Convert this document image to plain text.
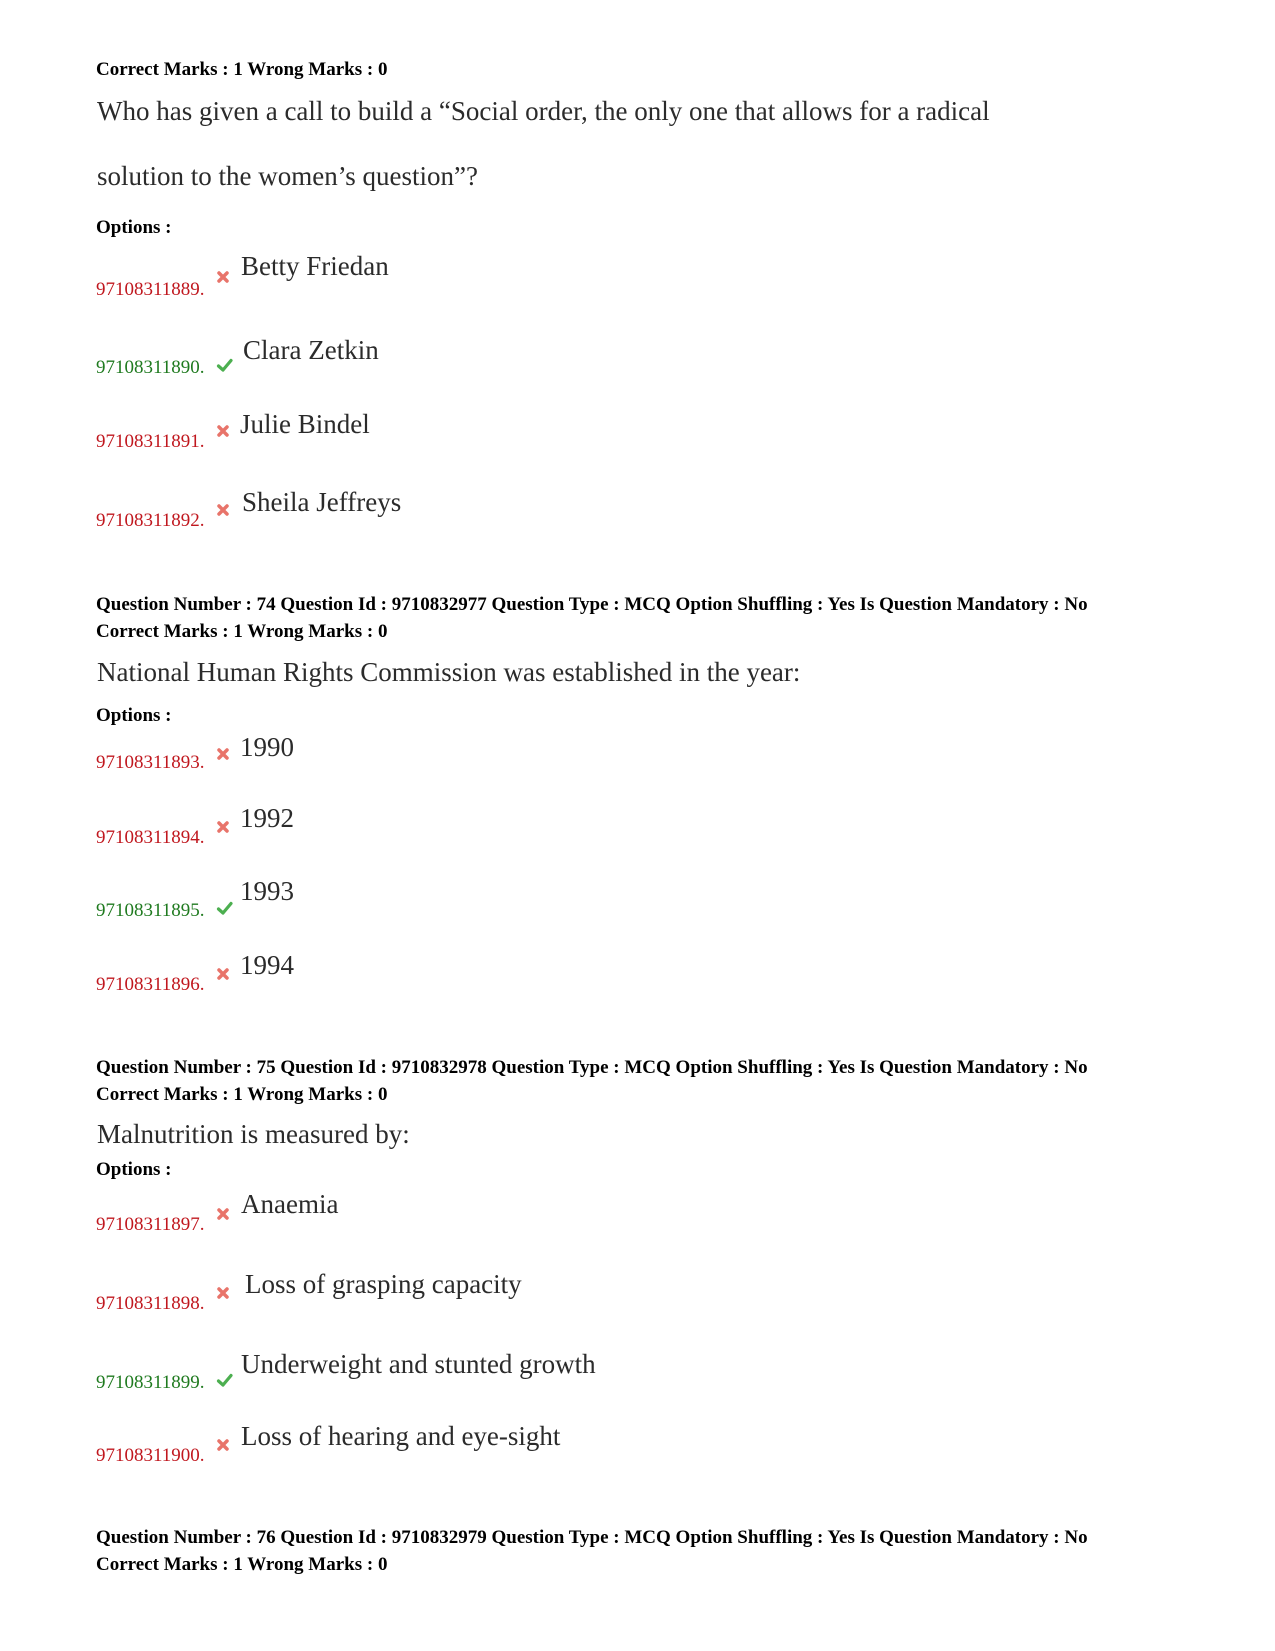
Correct Marks : 1 Wrong Marks : 0
Who has given a call to build a “Social order, the only one that allows for a radical
solution to the women’s question”?
Options :
97108311889.
Betty Friedan
97108311890.
Clara Zetkin
97108311891.
Julie Bindel
97108311892.
Sheila Jeffreys
Question Number : 74 Question Id : 9710832977 Question Type : MCQ Option Shuffling : Yes Is Question Mandatory : No
Correct Marks : 1 Wrong Marks : 0
National Human Rights Commission was established in the year:
Options :
97108311893.
1990
97108311894.
1992
97108311895.
1993
97108311896.
1994
Question Number : 75 Question Id : 9710832978 Question Type : MCQ Option Shuffling : Yes Is Question Mandatory : No
Correct Marks : 1 Wrong Marks : 0
Malnutrition is measured by:
Options :
97108311897.
Anaemia
97108311898.
Loss of grasping capacity
97108311899.
Underweight and stunted growth
97108311900.
Loss of hearing and eye-sight
Question Number : 76 Question Id : 9710832979 Question Type : MCQ Option Shuffling : Yes Is Question Mandatory : No
Correct Marks : 1 Wrong Marks : 0
